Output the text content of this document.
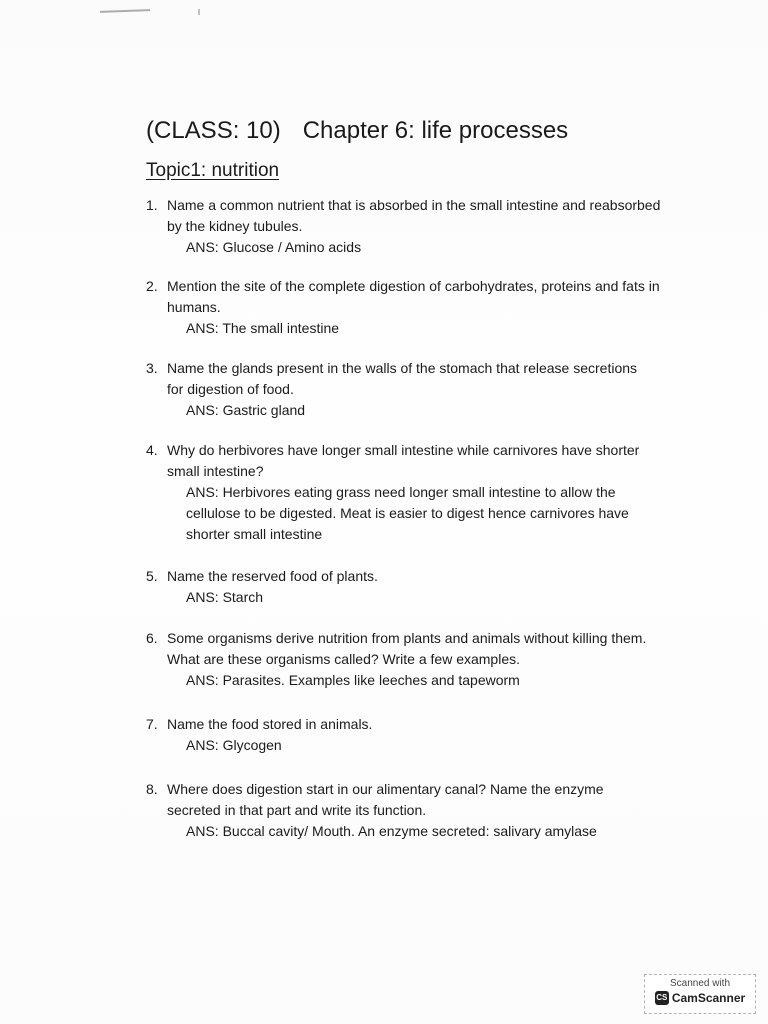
(CLASS: 10) Chapter 6: life processes
Topic1: nutrition
1. Name a common nutrient that is absorbed in the small intestine and reabsorbed by the kidney tubules.
ANS: Glucose / Amino acids
2. Mention the site of the complete digestion of carbohydrates, proteins and fats in humans.
ANS: The small intestine
3. Name the glands present in the walls of the stomach that release secretions for digestion of food.
ANS: Gastric gland
4. Why do herbivores have longer small intestine while carnivores have shorter small intestine?
ANS: Herbivores eating grass need longer small intestine to allow the cellulose to be digested. Meat is easier to digest hence carnivores have shorter small intestine
5. Name the reserved food of plants.
ANS: Starch
6. Some organisms derive nutrition from plants and animals without killing them. What are these organisms called? Write a few examples.
ANS: Parasites. Examples like leeches and tapeworm
7. Name the food stored in animals.
ANS: Glycogen
8. Where does digestion start in our alimentary canal? Name the enzyme secreted in that part and write its function.
ANS: Buccal cavity/ Mouth. An enzyme secreted: salivary amylase
Scanned with
CS CamScanner
